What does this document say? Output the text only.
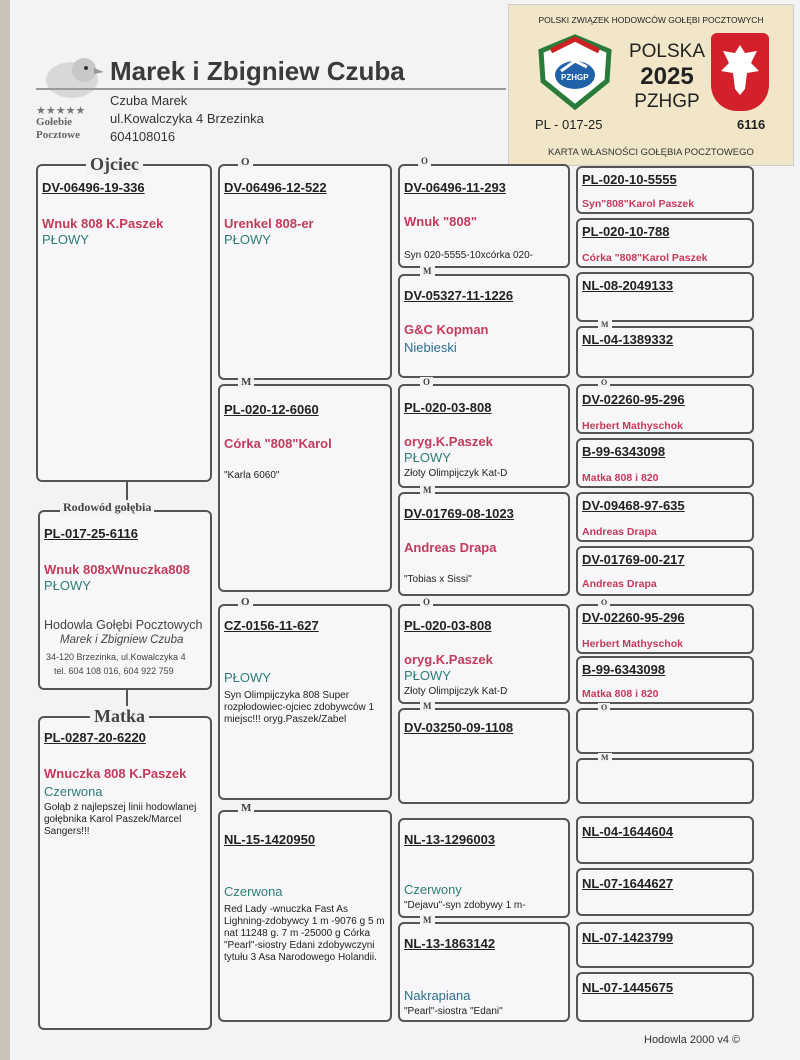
★★★★★
Gołebie Pocztowe
Marek i Zbigniew Czuba
Czuba Marek
ul.Kowalczyka 4 Brzezinka
604108016
POLSKI ZWIĄZEK HODOWCÓW GOŁĘBI POCZTOWYCH
PZHGP
POLSKA
2025
PZHGP
PL - 017-25	6116
KARTA WŁASNOŚCI GOŁĘBIA POCZTOWEGO
DV-06496-19-336
Wnuk 808 K.Paszek
PŁOWY
Ojciec
PL-017-25-6116
Wnuk 808xWnuczka808
PŁOWY
Hodowla Gołębi Pocztowych
Marek i Zbigniew Czuba
34-120 Brzezinka, ul.Kowalczyka 4
tel. 604 108 016, 604 922 759
Rodowód gołębia
PL-0287-20-6220
Wnuczka 808 K.Paszek
Czerwona
Gołąb z najlepszej linii hodowlanej gołębnika Karol Paszek/Marcel Sangers!!!
Matka
DV-06496-12-522
Urenkel 808-er
PŁOWY
O
PL-020-12-6060
Córka "808"Karol
"Karla 6060"
M
CZ-0156-11-627
PŁOWY
Syn Olimpijczyka 808 Super rozpłodowiec-ojciec zdobywców 1 miejsc!!! oryg.Paszek/Zabel
O
NL-15-1420950
Czerwona
Red Lady -wnuczka Fast As Lighning-zdobywcy 1 m -9076 g 5 m nat 11248 g. 7 m -25000 g Córka "Pearl"-siostry Edani zdobywczyni tytułu 3 Asa Narodowego Holandii.
M
DV-06496-11-293
Wnuk "808"
Syn 020-5555-10xcórka 020-
O
DV-05327-11-1226
G&C Kopman
Niebieski
M
PL-020-03-808
oryg.K.Paszek
PŁOWY
Złoty Olimpijczyk Kat-D
O
DV-01769-08-1023
Andreas Drapa
"Tobias x Sissi"
M
PL-020-03-808
oryg.K.Paszek
PŁOWY
Złoty Olimpijczyk Kat-D
O
DV-03250-09-1108
M
NL-13-1296003
Czerwony
"Dejavu"-syn zdobywy 1 m-
NL-13-1863142
Nakrapiana
"Pearl"-siostra "Edani"
M
PL-020-10-5555
Syn"808"Karol Paszek
PL-020-10-788
Córka "808"Karol Paszek
NL-08-2049133
NL-04-1389332
M
DV-02260-95-296
Herbert Mathyschok
O
B-99-6343098
Matka 808 i 820
DV-09468-97-635
Andreas Drapa
DV-01769-00-217
Andreas Drapa
DV-02260-95-296
Herbert Mathyschok
O
B-99-6343098
Matka 808 i 820
O
M
NL-04-1644604
NL-07-1644627
NL-07-1423799
NL-07-1445675
Hodowla 2000 v4 ©
